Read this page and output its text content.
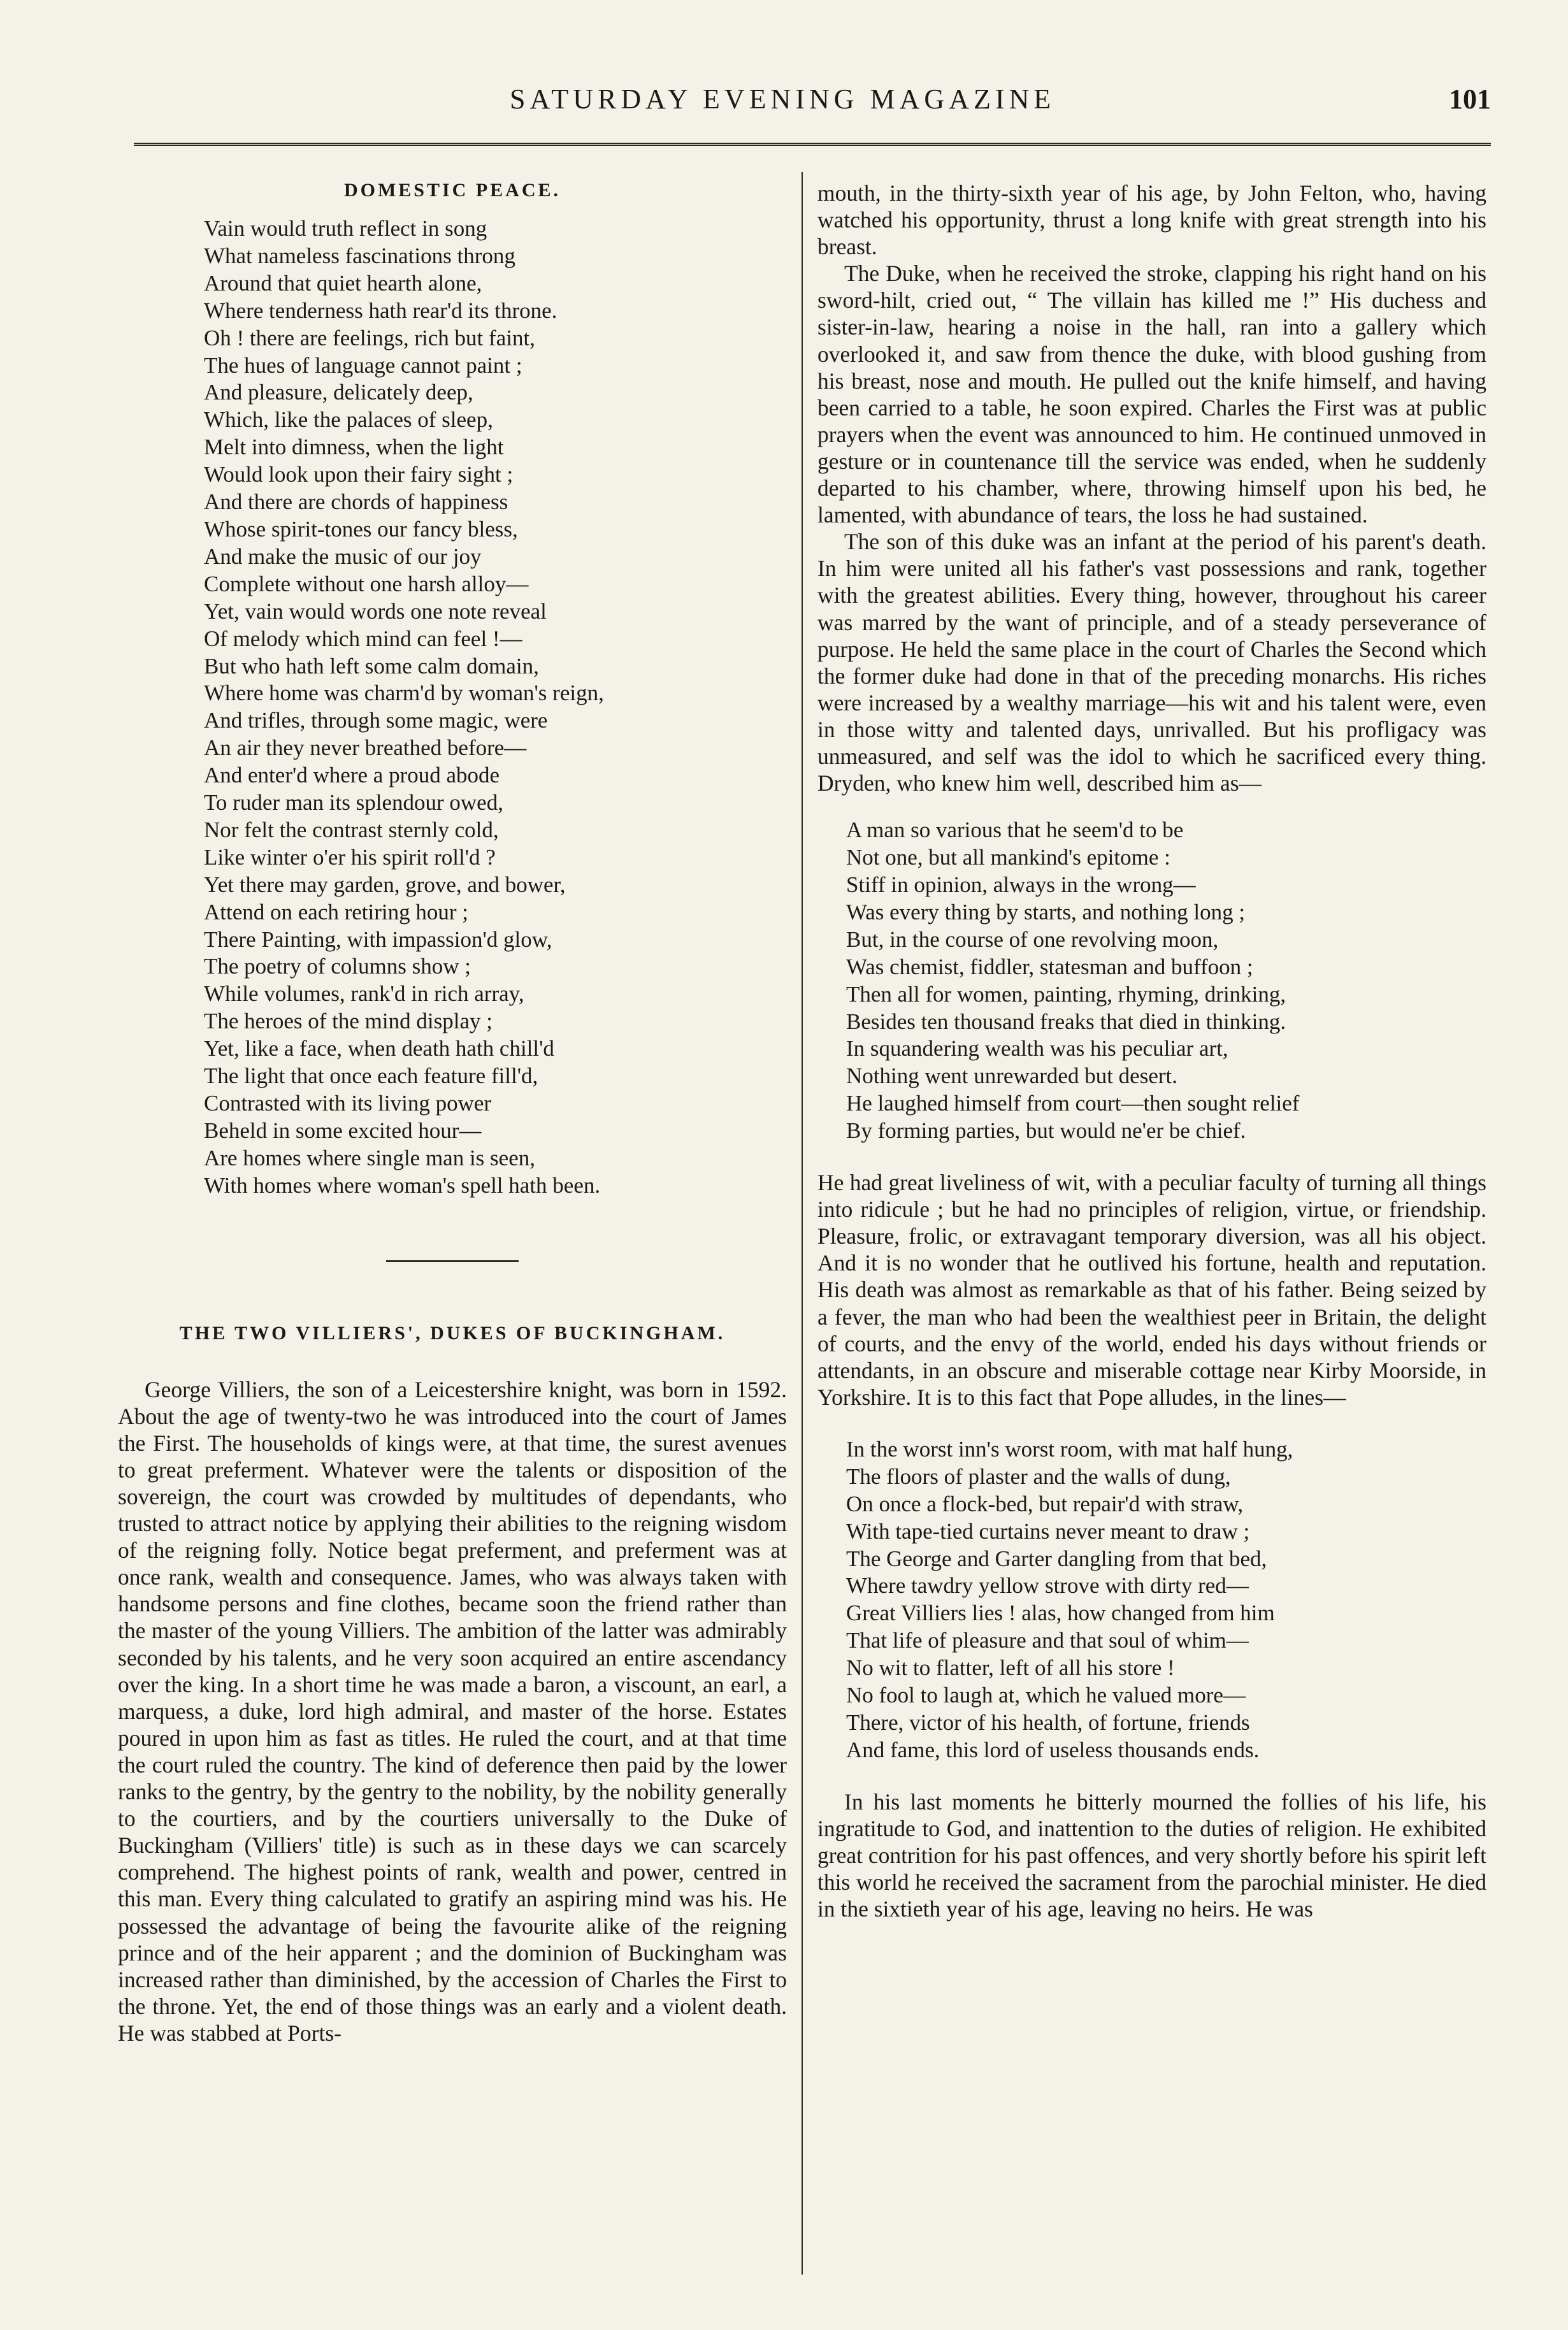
SATURDAY EVENING MAGAZINE	101
DOMESTIC PEACE.
Vain would truth reflect in song
What nameless fascinations throng
Around that quiet hearth alone,
Where tenderness hath rear'd its throne.
Oh ! there are feelings, rich but faint,
The hues of language cannot paint ;
And pleasure, delicately deep,
Which, like the palaces of sleep,
Melt into dimness, when the light
Would look upon their fairy sight ;
And there are chords of happiness
Whose spirit-tones our fancy bless,
And make the music of our joy
Complete without one harsh alloy—
Yet, vain would words one note reveal
Of melody which mind can feel !—
But who hath left some calm domain,
Where home was charm'd by woman's reign,
And trifles, through some magic, were
An air they never breathed before—
And enter'd where a proud abode
To ruder man its splendour owed,
Nor felt the contrast sternly cold,
Like winter o'er his spirit roll'd ?
Yet there may garden, grove, and bower,
Attend on each retiring hour ;
There Painting, with impassion'd glow,
The poetry of columns show ;
While volumes, rank'd in rich array,
The heroes of the mind display ;
Yet, like a face, when death hath chill'd
The light that once each feature fill'd,
Contrasted with its living power
Beheld in some excited hour—
Are homes where single man is seen,
With homes where woman's spell hath been.
THE TWO VILLIERS', DUKES OF BUCKINGHAM.

George Villiers, the son of a Leicestershire knight, was born in 1592. About the age of twenty-two he was introduced into the court of James the First. The households of kings were, at that time, the surest avenues to great preferment. Whatever were the talents or disposition of the sovereign, the court was crowded by multitudes of dependants, who trusted to attract notice by applying their abilities to the reigning wisdom of the reigning folly. Notice begat preferment, and preferment was at once rank, wealth and consequence. James, who was always taken with handsome persons and fine clothes, became soon the friend rather than the master of the young Villiers. The ambition of the latter was admirably seconded by his talents, and he very soon acquired an entire ascendancy over the king. In a short time he was made a baron, a viscount, an earl, a marquess, a duke, lord high admiral, and master of the horse. Estates poured in upon him as fast as titles. He ruled the court, and at that time the court ruled the country. The kind of deference then paid by the lower ranks to the gentry, by the gentry to the nobility, by the nobility generally to the courtiers, and by the courtiers universally to the Duke of Buckingham (Villiers' title) is such as in these days we can scarcely comprehend. The highest points of rank, wealth and power, centred in this man. Every thing calculated to gratify an aspiring mind was his. He possessed the advantage of being the favourite alike of the reigning prince and of the heir apparent ; and the dominion of Buckingham was increased rather than diminished, by the accession of Charles the First to the throne. Yet, the end of those things was an early and a violent death. He was stabbed at Ports-

mouth, in the thirty-sixth year of his age, by John Felton, who, having watched his opportunity, thrust a long knife with great strength into his breast.

The Duke, when he received the stroke, clapping his right hand on his sword-hilt, cried out, “ The villain has killed me !” His duchess and sister-in-law, hearing a noise in the hall, ran into a gallery which overlooked it, and saw from thence the duke, with blood gushing from his breast, nose and mouth. He pulled out the knife himself, and having been carried to a table, he soon expired. Charles the First was at public prayers when the event was announced to him. He continued unmoved in gesture or in countenance till the service was ended, when he suddenly departed to his chamber, where, throwing himself upon his bed, he lamented, with abundance of tears, the loss he had sustained.

The son of this duke was an infant at the period of his parent's death. In him were united all his father's vast possessions and rank, together with the greatest abilities. Every thing, however, throughout his career was marred by the want of principle, and of a steady perseverance of purpose. He held the same place in the court of Charles the Second which the former duke had done in that of the preceding monarchs. His riches were increased by a wealthy marriage—his wit and his talent were, even in those witty and talented days, unrivalled. But his profligacy was unmeasured, and self was the idol to which he sacrificed every thing. Dryden, who knew him well, described him as—

A man so various that he seem'd to be
Not one, but all mankind's epitome :
Stiff in opinion, always in the wrong—
Was every thing by starts, and nothing long ;
But, in the course of one revolving moon,
Was chemist, fiddler, statesman and buffoon ;
Then all for women, painting, rhyming, drinking,
Besides ten thousand freaks that died in thinking.
In squandering wealth was his peculiar art,
Nothing went unrewarded but desert.
He laughed himself from court—then sought relief
By forming parties, but would ne'er be chief.

He had great liveliness of wit, with a peculiar faculty of turning all things into ridicule ; but he had no principles of religion, virtue, or friendship. Pleasure, frolic, or extravagant temporary diversion, was all his object. And it is no wonder that he outlived his fortune, health and reputation. His death was almost as remarkable as that of his father. Being seized by a fever, the man who had been the wealthiest peer in Britain, the delight of courts, and the envy of the world, ended his days without friends or attendants, in an obscure and miserable cottage near Kirby Moorside, in Yorkshire. It is to this fact that Pope alludes, in the lines—

In the worst inn's worst room, with mat half hung,
The floors of plaster and the walls of dung,
On once a flock-bed, but repair'd with straw,
With tape-tied curtains never meant to draw ;
The George and Garter dangling from that bed,
Where tawdry yellow strove with dirty red—
Great Villiers lies ! alas, how changed from him
That life of pleasure and that soul of whim—
No wit to flatter, left of all his store !
No fool to laugh at, which he valued more—
There, victor of his health, of fortune, friends
And fame, this lord of useless thousands ends.

In his last moments he bitterly mourned the follies of his life, his ingratitude to God, and inattention to the duties of religion. He exhibited great contrition for his past offences, and very shortly before his spirit left this world he received the sacrament from the parochial minister. He died in the sixtieth year of his age, leaving no heirs. He was
